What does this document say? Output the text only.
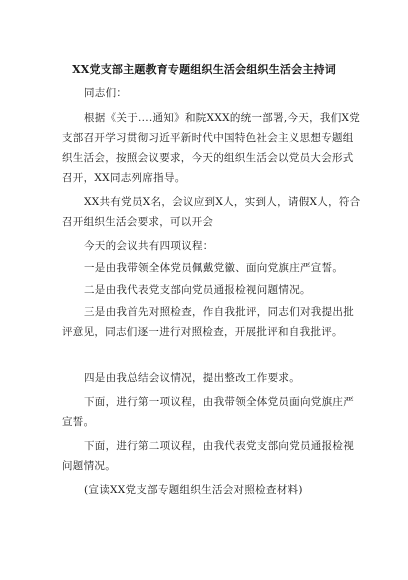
XX党支部主题教育专题组织生活会组织生活会主持词
同志们：
根据《关于....通知》和院XXX的统一部署,今天，我们X党支部召开学习贯彻习近平新时代中国特色社会主义思想专题组织生活会，按照会议要求，今天的组织生活会以党员大会形式召开，XX同志列席指导。
XX共有党员X名，会议应到X人，实到人，请假X人，符合召开组织生活会要求，可以开会
今天的会议共有四项议程：
一是由我带领全体党员佩戴党徽、面向党旗庄严宣誓。
二是由我代表党支部向党员通报检视问题情况。
三是由我首先对照检查，作自我批评，同志们对我提出批评意见，同志们逐一进行对照检查，开展批评和自我批评。
四是由我总结会议情况，提出整改工作要求。
下面，进行第一项议程，由我带领全体党员面向党旗庄严宣誓。
下面，进行第二项议程，由我代表党支部向党员通报检视问题情况。
(宣读XX党支部专题组织生活会对照检查材料)
